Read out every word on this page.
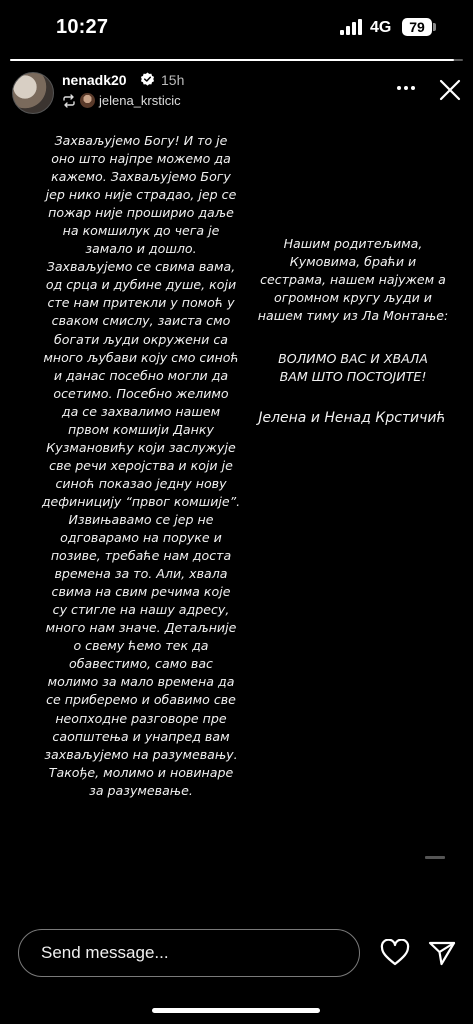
10:27	4G	79
nenadk20 15h
jelena_krsticic
Захваљујемо Богу! И то је
оно што најпре можемо да
кажемо. Захваљујемо Богу
јер нико није страдао, јер се
пожар није проширио даље
на комшилук до чега је
замало и дошло.
Захваљујемо се свима вама,
од срца и дубине душе, који
сте нам притекли у помоћ у
сваком смислу, заиста смо
богати људи окружени са
много љубави коју смо синоћ
и данас посебно могли да
осетимо. Посебно желимо
да се захвалимо нашем
првом комшији Данку
Кузмановићу који заслужује
све речи херојства и који је
синоћ показао једну нову
дефиницију “првог комшије”.
Извињавамо се јер не
одговарамо на поруке и
позиве, требаће нам доста
времена за то. Али, хвала
свима на свим речима које
су стигле на нашу адресу,
много нам значе. Детаљније
о свему ћемо тек да
обавестимо, само вас
молимо за мало времена да
се приберемо и обавимо све
неопходне разговоре пре
саопштења и унапред вам
захваљујемо на разумевању.
Такође, молимо и новинаре
за разумевање.
Нашим родитељима,
Кумовима, браћи и
сестрама, нашем најужем а
огромном кругу људи и
нашем тиму из Ла Монтање:
ВОЛИМО ВАС И ХВАЛА
ВАМ ШТО ПОСТОЈИТЕ!
Јелена и Ненад Крстичић
Send message...
